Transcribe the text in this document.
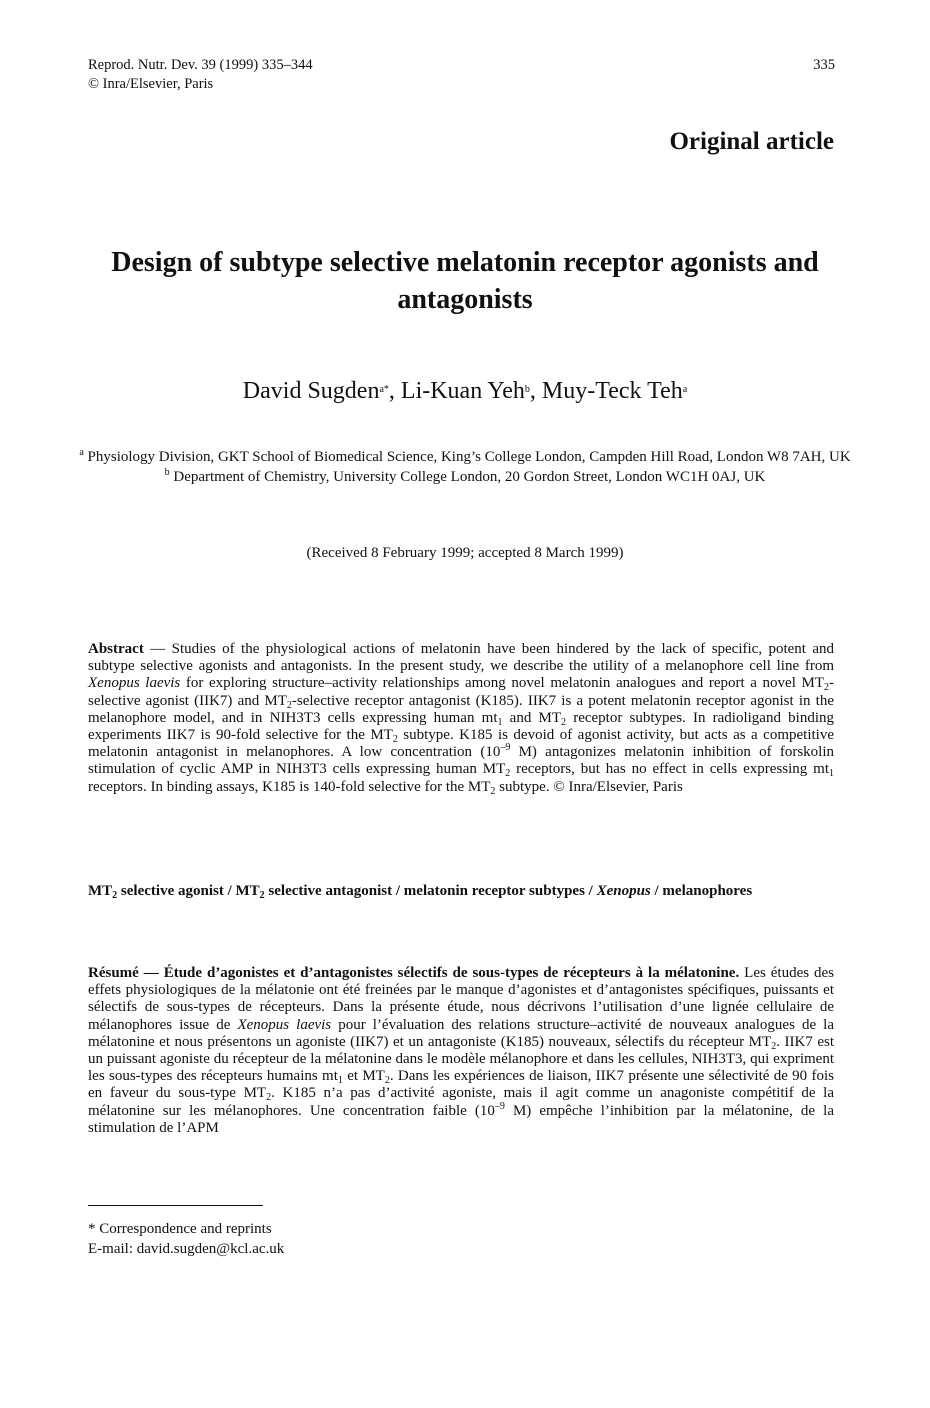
Reprod. Nutr. Dev. 39 (1999) 335–344
© Inra/Elsevier, Paris
335
Original article
Design of subtype selective melatonin receptor agonists and antagonists
David Sugden$^{a*}$, Li-Kuan Yeh$^b$, Muy-Teck Teh$^a$

$^a$ Physiology Division, GKT School of Biomedical Science, King’s College London, Campden Hill Road, London W8 7AH, UK

$^b$ Department of Chemistry, University College London, 20 Gordon Street, London WC1H 0AJ, UK

(Received 8 February 1999; accepted 8 March 1999)
Abstract — Studies of the physiological actions of melatonin have been hindered by the lack of specific, potent and subtype selective agonists and antagonists. In the present study, we describe the utility of a melanophore cell line from Xenopus laevis for exploring structure–activity relationships among novel melatonin analogues and report a novel $MT_2$-selective agonist (IIK7) and $MT_2$-selective receptor antagonist (K185). IIK7 is a potent melatonin receptor agonist in the melanophore model, and in NIH3T3 cells expressing human $mt_1$ and $MT_2$ receptor subtypes. In radioligand binding experiments IIK7 is 90-fold selective for the $MT_2$ subtype. K185 is devoid of agonist activity, but acts as a competitive melatonin antagonist in melanophores. A low concentration ($10^{-9}$ M) antagonizes melatonin inhibition of forskolin stimulation of cyclic AMP in NIH3T3 cells expressing human $MT_2$ receptors, but has no effect in cells expressing $mt_1$ receptors. In binding assays, K185 is 140-fold selective for the $MT_2$ subtype. © Inra/Elsevier, Paris
$MT_2$ selective agonist / $MT_2$ selective antagonist / melatonin receptor subtypes / Xenopus / melanophores
Résumé — Étude d’agonistes et d’antagonistes sélectifs de sous-types de récepteurs à la mélatonine. Les études des effets physiologiques de la mélatonie ont été freinées par le manque d’agonistes et d’antagonistes spécifiques, puissants et sélectifs de sous-types de récepteurs. Dans la présente étude, nous décrivons l’utilisation d’une lignée cellulaire de mélanophores issue de Xenopus laevis pour l’évaluation des relations structure–activité de nouveaux analogues de la mélatonine et nous présentons un agoniste (IIK7) et un antagoniste (K185) nouveaux, sélectifs du récepteur $MT_2$. IIK7 est un puissant agoniste du récepteur de la mélatonine dans le modèle mélanophore et dans les cellules, NIH3T3, qui expriment les sous-types des récepteurs humains $mt_1$ et $MT_2$. Dans les expériences de liaison, IIK7 présente une sélectivité de 90 fois en faveur du sous-type $MT_2$. K185 n’a pas d’activité agoniste, mais il agit comme un anagoniste compétitif de la mélatonine sur les mélanophores. Une concentration faible ($10^{-9}$ M) empêche l’inhibition par la mélatonine, de la stimulation de l’APM
* Correspondence and reprints
E-mail: david.sugden@kcl.ac.uk
